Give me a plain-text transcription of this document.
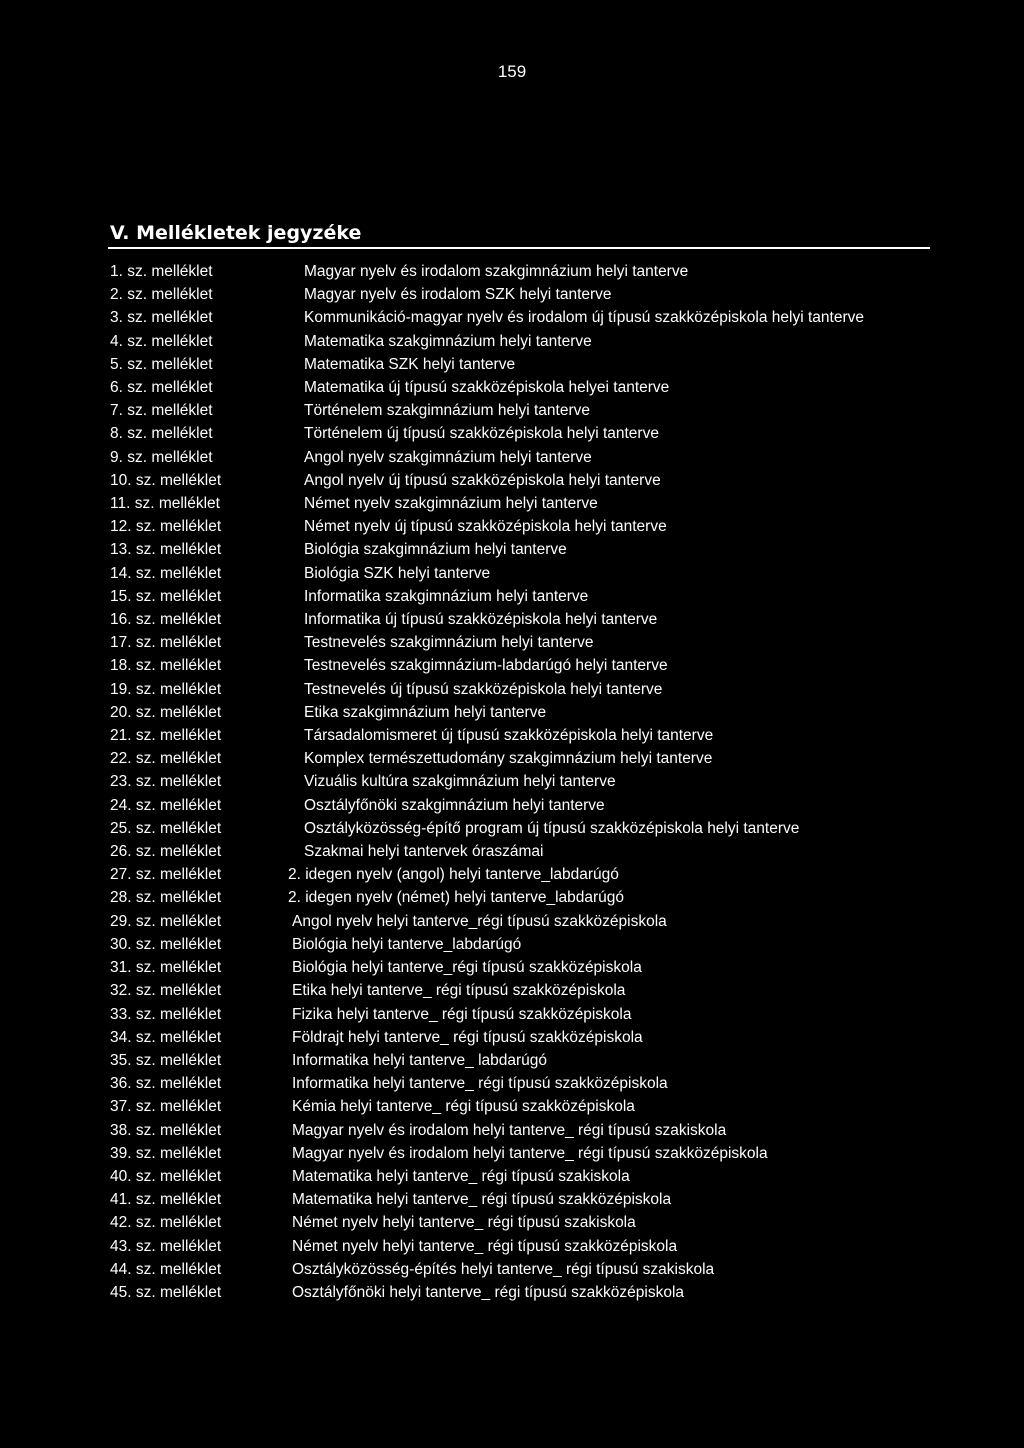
159
V. Mellékletek jegyzéke
1. sz. melléklet	Magyar nyelv és irodalom szakgimnázium helyi tanterve
2. sz. melléklet	Magyar nyelv és irodalom SZK helyi tanterve
3. sz. melléklet	Kommunikáció-magyar nyelv és irodalom új típusú szakközépiskola helyi tanterve
4. sz. melléklet	Matematika szakgimnázium helyi tanterve
5. sz. melléklet	Matematika SZK helyi tanterve
6. sz. melléklet	Matematika új típusú szakközépiskola helyei tanterve
7. sz. melléklet	Történelem szakgimnázium helyi tanterve
8. sz. melléklet	Történelem új típusú szakközépiskola helyi tanterve
9. sz. melléklet	Angol nyelv szakgimnázium helyi tanterve
10. sz. melléklet	Angol nyelv új típusú szakközépiskola helyi tanterve
11. sz. melléklet	Német nyelv szakgimnázium helyi tanterve
12. sz. melléklet	Német nyelv új típusú szakközépiskola helyi tanterve
13. sz. melléklet	Biológia szakgimnázium helyi tanterve
14. sz. melléklet	Biológia SZK helyi tanterve
15. sz. melléklet	Informatika szakgimnázium helyi tanterve
16. sz. melléklet	Informatika új típusú szakközépiskola helyi tanterve
17. sz. melléklet	Testnevelés szakgimnázium helyi tanterve
18. sz. melléklet	Testnevelés szakgimnázium-labdarúgó helyi tanterve
19. sz. melléklet	Testnevelés új típusú szakközépiskola helyi tanterve
20. sz. melléklet	Etika szakgimnázium helyi tanterve
21. sz. melléklet	Társadalomismeret új típusú szakközépiskola helyi tanterve
22. sz. melléklet	Komplex természettudomány szakgimnázium helyi tanterve
23. sz. melléklet	Vizuális kultúra szakgimnázium helyi tanterve
24. sz. melléklet	Osztályfőnöki szakgimnázium helyi tanterve
25. sz. melléklet	Osztályközösség-építő program új típusú szakközépiskola helyi tanterve
26. sz. melléklet	Szakmai helyi tantervek óraszámai
27. sz. melléklet	2. idegen nyelv (angol) helyi tanterve_labdarúgó
28. sz. melléklet	2. idegen nyelv (német) helyi tanterve_labdarúgó
29. sz. melléklet	Angol nyelv helyi tanterve_régi típusú szakközépiskola
30. sz. melléklet	Biológia helyi tanterve_labdarúgó
31. sz. melléklet	Biológia helyi tanterve_régi típusú szakközépiskola
32. sz. melléklet	Etika helyi tanterve_ régi típusú szakközépiskola
33. sz. melléklet	Fizika helyi tanterve_ régi típusú szakközépiskola
34. sz. melléklet	Földrajt helyi tanterve_ régi típusú szakközépiskola
35. sz. melléklet	Informatika helyi tanterve_ labdarúgó
36. sz. melléklet	Informatika helyi tanterve_ régi típusú szakközépiskola
37. sz. melléklet	Kémia helyi tanterve_ régi típusú szakközépiskola
38. sz. melléklet	Magyar nyelv és irodalom helyi tanterve_ régi típusú szakiskola
39. sz. melléklet	Magyar nyelv és irodalom helyi tanterve_ régi típusú szakközépiskola
40. sz. melléklet	Matematika helyi tanterve_ régi típusú szakiskola
41. sz. melléklet	Matematika helyi tanterve_ régi típusú szakközépiskola
42. sz. melléklet	Német nyelv helyi tanterve_ régi típusú szakiskola
43. sz. melléklet	Német nyelv helyi tanterve_ régi típusú szakközépiskola
44. sz. melléklet	Osztályközösség-építés helyi tanterve_ régi típusú szakiskola
45. sz. melléklet	Osztályfőnöki helyi tanterve_ régi típusú szakközépiskola
